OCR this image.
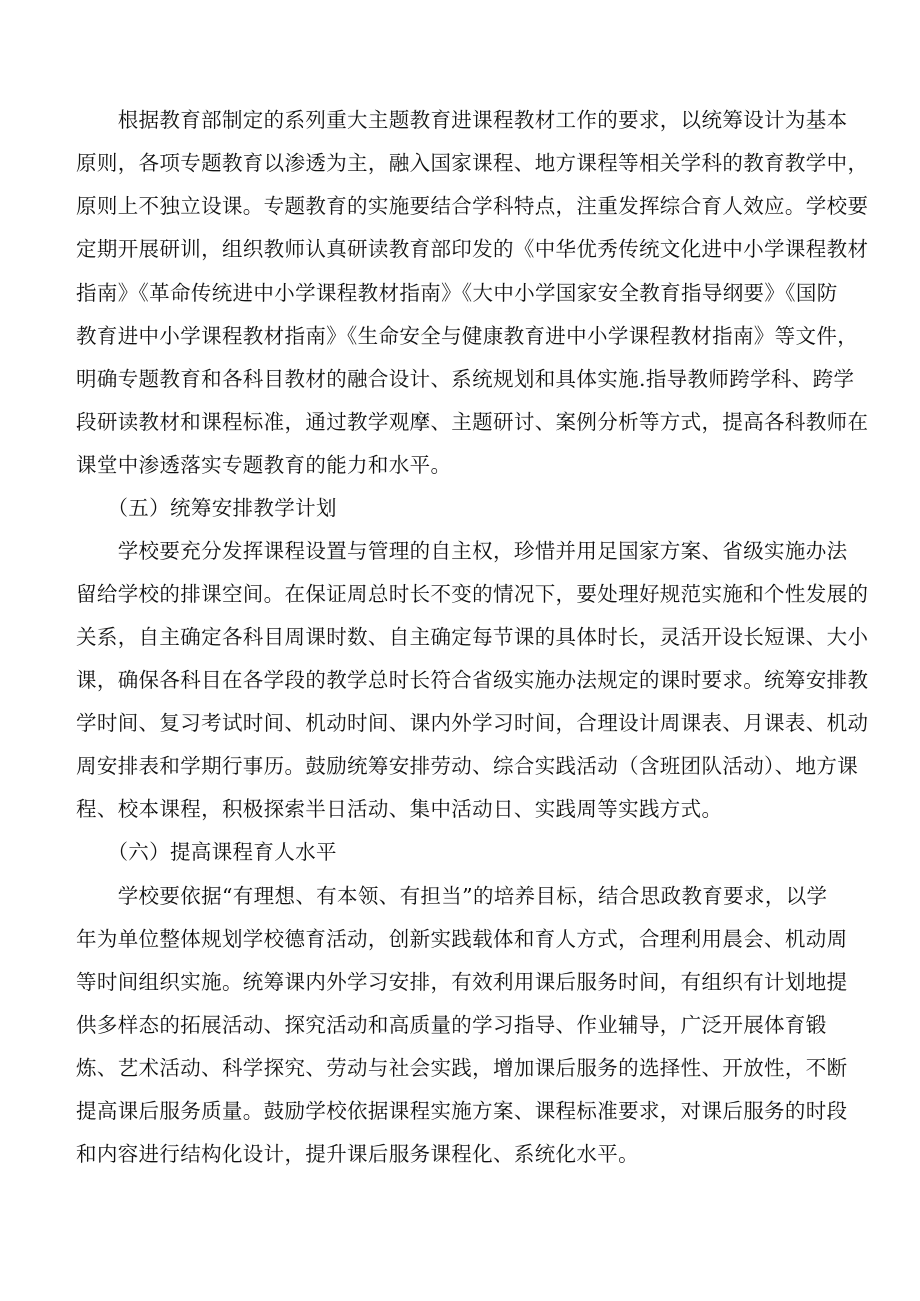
　　根据教育部制定的系列重大主题教育进课程教材工作的要求，以统筹设计为基本
原则，各项专题教育以渗透为主，融入国家课程、地方课程等相关学科的教育教学中，
原则上不独立设课。专题教育的实施要结合学科特点，注重发挥综合育人效应。学校要
定期开展研训，组织教师认真研读教育部印发的《中华优秀传统文化进中小学课程教材
指南》《革命传统进中小学课程教材指南》《大中小学国家安全教育指导纲要》《国防
教育进中小学课程教材指南》《生命安全与健康教育进中小学课程教材指南》等文件，
明确专题教育和各科目教材的融合设计、系统规划和具体实施.指导教师跨学科、跨学
段研读教材和课程标准，通过教学观摩、主题研讨、案例分析等方式，提高各科教师在
课堂中渗透落实专题教育的能力和水平。
　　（五）统筹安排教学计划
　　学校要充分发挥课程设置与管理的自主权，珍惜并用足国家方案、省级实施办法
留给学校的排课空间。在保证周总时长不变的情况下，要处理好规范实施和个性发展的
关系，自主确定各科目周课时数、自主确定每节课的具体时长，灵活开设长短课、大小
课，确保各科目在各学段的教学总时长符合省级实施办法规定的课时要求。统筹安排教
学时间、复习考试时间、机动时间、课内外学习时间，合理设计周课表、月课表、机动
周安排表和学期行事历。鼓励统筹安排劳动、综合实践活动（含班团队活动）、地方课
程、校本课程，积极探索半日活动、集中活动日、实践周等实践方式。
　　（六）提高课程育人水平
　　学校要依据“有理想、有本领、有担当”的培养目标，结合思政教育要求，以学
年为单位整体规划学校德育活动，创新实践载体和育人方式，合理利用晨会、机动周
等时间组织实施。统筹课内外学习安排，有效利用课后服务时间，有组织有计划地提
供多样态的拓展活动、探究活动和高质量的学习指导、作业辅导，广泛开展体育锻
炼、艺术活动、科学探究、劳动与社会实践，增加课后服务的选择性、开放性，不断
提高课后服务质量。鼓励学校依据课程实施方案、课程标准要求，对课后服务的时段
和内容进行结构化设计，提升课后服务课程化、系统化水平。
